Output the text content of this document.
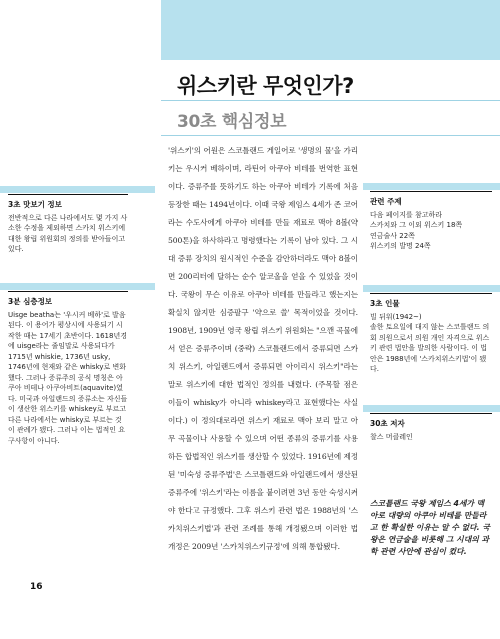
위스키란 무엇인가?
30초 핵심정보

'위스키'의 어원은 스코틀랜드 게일어로 '생명의 물'을 가리키는 우시커 베하이며, 라틴어 아쿠아 비테를 번역한 표현이다. 증류주를 뜻하기도 하는 아쿠아 비테가 기록에 처음 등장한 때는 1494년이다. 이때 국왕 제임스 4세가 존 코어라는 수도사에게 아쿠아 비테를 만들 재료로 맥아 8볼(약 500톤)을 하사하라고 명령했다는 기록이 남아 있다. 그 시대 증류 장치의 원시적인 수준을 감안하더라도 맥아 8볼이면 200리터에 달하는 순수 알코올을 얻을 수 있었을 것이다. 국왕이 무슨 이유로 아쿠아 비테를 만들라고 했는지는 확실치 않지만 심증팔구 '약으로 쓸' 목적이었을 것이다. 1908년, 1909년 영국 왕립 위스키 위원회는 "으깬 곡물에서 얻은 증류주이며 (중략) 스코틀랜드에서 증류되면 스카치 위스키, 아일랜드에서 증류되면 아이리시 위스키"라는 말로 위스키에 대한 법적인 정의를 내렸다. (주목할 점은 이들이 whisky가 아니라 whiskey라고 표현했다는 사실이다.) 이 정의대로라면 위스키 재료로 맥아 보리 말고 아무 곡물이나 사용할 수 있으며 어떤 종류의 증류기를 사용하든 합법적인 위스키를 생산할 수 있었다. 1916년에 제정된 '미숙성 증류주법'은 스코틀랜드와 아일랜드에서 생산된 증류주에 '위스키'라는 이름을 붙이려면 3년 동안 숙성시켜야 한다고 규정했다. 그후 위스키 관련 법은 1988년의 '스카치위스키법'과 관련 조례를 통해 개정됐으며 이러한 법 개정은 2009년 '스카치위스키규정'에 의해 통합됐다.

3초 맛보기 정보

전반적으로 다른 나라에서도 몇 가지 사소한 수정을 제외하면 스카치 위스키에 대한 왕립 위원회의 정의를 받아들이고 있다.

3분 심층정보

Uisge beatha는 '우시커 베하'로 발음된다. 이 용어가 평상시에 사용되기 시작한 때는 17세기 초반이다. 1618년경에 uisge라는 줄임말로 사용되다가 1715년 whiskie, 1736년 usky, 1746년에 현재와 같은 whisky로 변화했다. 그러나 증류주의 공식 명칭은 아쿠아 비테나 아쿠아비트(aquavite)였다. 미국과 아일랜드의 증류소는 자신들이 생산한 위스키를 whiskey로 부르고 다른 나라에서는 whisky로 부르는 것이 관례가 됐다. 그러나 이는 법적인 요구사항이 아니다.

관련 주제

다음 페이지를 참고하라
스카치와 그 이외 위스키 18쪽
연금술사 22쪽
위스키의 발명 24쪽

3초 인물

빌 뒤워(1942~)
솔한 토요일에 대지 않는 스코틀랜드 의회 의원으로서 의원 개인 자격으로 위스키 관련 법안을 발의한 사람이다. 이 법안은 1988년에 '스카치위스키법'이 됐다.

30초 저자

찰스 머클레인

스코틀랜드 국왕 제임스 4세가 맥아로 대량의 아쿠아 비테를 만들라고 한 확실한 이유는 알 수 없다. 국왕은 연금술을 비롯해 그 시대의 과학 관련 사안에 관심이 컸다.

16
